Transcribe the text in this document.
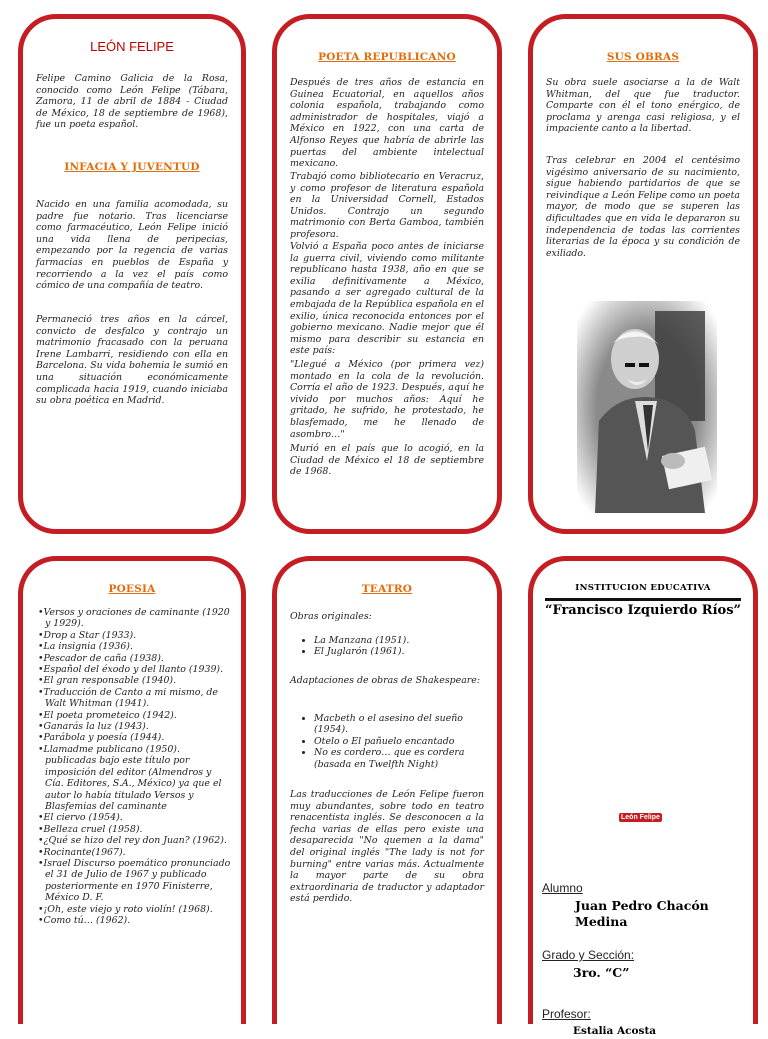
LEÓN FELIPE

Felipe Camino Galicia de la Rosa, conocido como León Felipe (Tábara, Zamora, 11 de abril de 1884 - Ciudad de México, 18 de septiembre de 1968), fue un poeta español.

INFACIA Y JUVENTUD

Nacido en una familia acomodada, su padre fue notario. Tras licenciarse como farmacéutico, León Felipe inició una vida llena de peripecias, empezando por la regencia de varias farmacias en pueblos de España y recorriendo a la vez el país como cómico de una compañía de teatro.

Permaneció tres años en la cárcel, convicto de desfalco y contrajo un matrimonio fracasado con la peruana Irene Lambarri, residiendo con ella en Barcelona. Su vida bohemia le sumió en una situación económicamente complicada hacia 1919, cuando iniciaba su obra poética en Madrid.

POETA REPUBLICANO

Después de tres años de estancia en Guinea Ecuatorial, en aquellos años colonia española, trabajando como administrador de hospitales, viajó a México en 1922, con una carta de Alfonso Reyes que habría de abrirle las puertas del ambiente intelectual mexicano.

Trabajó como bibliotecario en Veracruz, y como profesor de literatura española en la Universidad Cornell, Estados Unidos. Contrajo un segundo matrimonio con Berta Gamboa, también profesora.

Volvió a España poco antes de iniciarse la guerra civil, viviendo como militante republicano hasta 1938, año en que se exilia definitivamente a México, pasando a ser agregado cultural de la embajada de la República española en el exilio, única reconocida entonces por el gobierno mexicano. Nadie mejor que él mismo para describir su estancia en este país:

"Llegué a México (por primera vez) montado en la cola de la revolución. Corría el año de 1923. Después, aquí he vivido por muchos años: Aquí he gritado, he sufrido, he protestado, he blasfemado, me he llenado de asombro…"

Murió en el país que lo acogió, en la Ciudad de México el 18 de septiembre de 1968.

SUS OBRAS

Su obra suele asociarse a la de Walt Whitman, del que fue traductor. Comparte con él el tono enérgico, de proclama y arenga casi religiosa, y el impaciente canto a la libertad.

Tras celebrar en 2004 el centésimo vigésimo aniversario de su nacimiento, sigue habiendo partidarios de que se reivindique a León Felipe como un poeta mayor, de modo que se superen las dificultades que en vida le depararon su independencia de todas las corrientes literarias de la época y su condición de exiliado.

POESIA

• Versos y oraciones de caminante (1920 y 1929).
• Drop a Star (1933).
• La insignia (1936).
• Pescador de caña (1938).
• Español del éxodo y del llanto (1939).
• El gran responsable (1940).
• Traducción de Canto a mi mismo, de Walt Whitman (1941).
• El poeta prometeico (1942).
• Ganarás la luz (1943).
• Parábola y poesía (1944).
• Llamadme publicano (1950). publicadas bajo este título por imposición del editor (Almendros y Cía. Editores, S.A., México) ya que el autor lo había titulado Versos y Blasfemias del caminante
• El ciervo (1954).
• Belleza cruel (1958).
• ¿Qué se hizo del rey don Juan? (1962).
• Rocinante(1967).
• Israel Discurso poemático pronunciado el 31 de Julio de 1967 y publicado posteriormente en 1970 Finisterre, México D. F.
• ¡Oh, este viejo y roto violín! (1968).
• Como tú… (1962).

TEATRO

Obras originales:

• La Manzana (1951).
• El Juglarón (1961).

Adaptaciones de obras de Shakespeare:

• Macbeth o el asesino del sueño (1954).
• Otelo o El pañuelo encantado
• No es cordero… que es cordera (basada en Twelfth Night)

Las traducciones de León Felipe fueron muy abundantes, sobre todo en teatro renacentista inglés. Se desconocen a la fecha varias de ellas pero existe una desaparecida "No quemen a la dama" del original inglés "The lady is not for burning" entre varias más. Actualmente la mayor parte de su obra extraordinaria de traductor y adaptador está perdido.

INSTITUCION EDUCATIVA
“Francisco Izquierdo Ríos”
León Felipe
Alumno
Juan Pedro Chacón Medina
Grado y Sección:
3ro. “C”
Profesor:
Estalia Acosta
